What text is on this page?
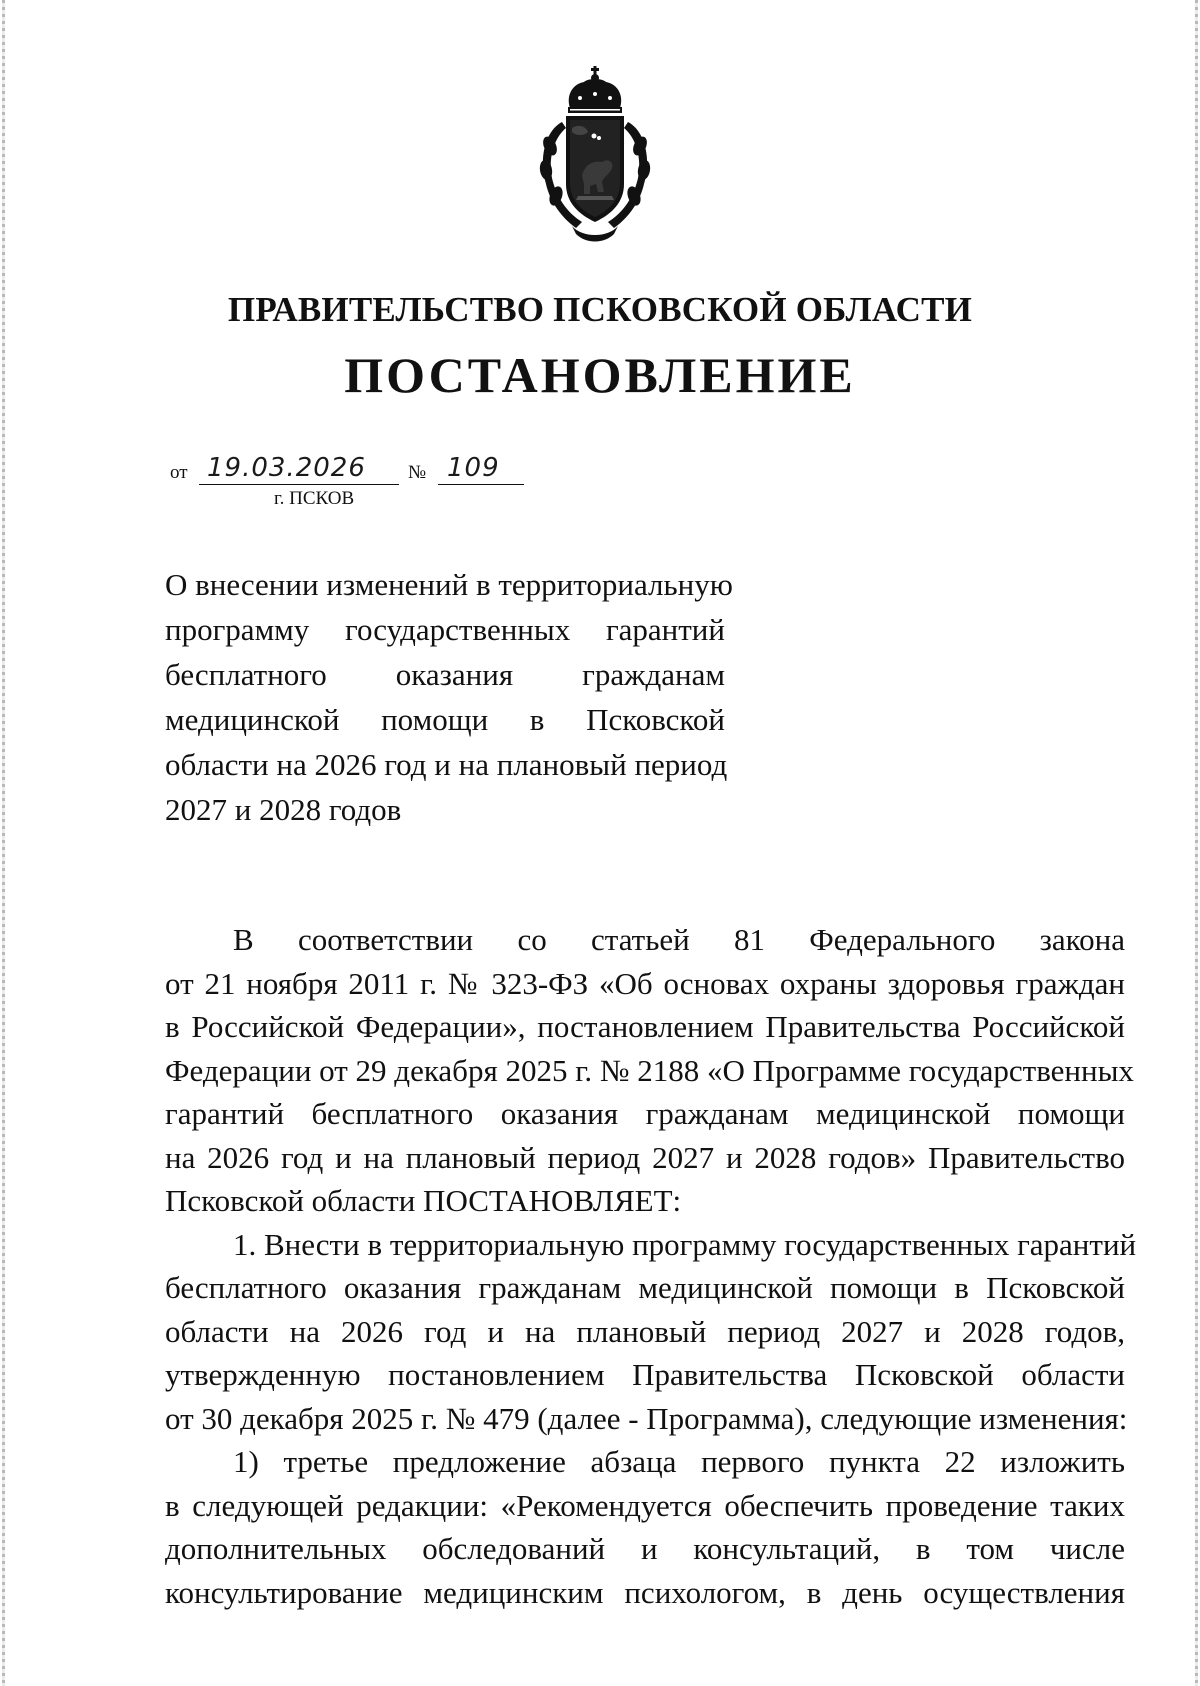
ПРАВИТЕЛЬСТВО ПСКОВСКОЙ ОБЛАСТИ
ПОСТАНОВЛЕНИЕ
от 19.03.2026 № 109
г. ПСКОВ
О внесении изменений в территориальную
программу государственных гарантий
бесплатного оказания гражданам
медицинской помощи в Псковской
области на 2026 год и на плановый период
2027 и 2028 годов
В соответствии со статьей 81 Федерального закона
от 21 ноября 2011 г. № 323-ФЗ «Об основах охраны здоровья граждан
в Российской Федерации», постановлением Правительства Российской
Федерации от 29 декабря 2025 г. № 2188 «О Программе государственных
гарантий бесплатного оказания гражданам медицинской помощи
на 2026 год и на плановый период 2027 и 2028 годов» Правительство
Псковской области ПОСТАНОВЛЯЕТ:
1. Внести в территориальную программу государственных гарантий
бесплатного оказания гражданам медицинской помощи в Псковской
области на 2026 год и на плановый период 2027 и 2028 годов,
утвержденную постановлением Правительства Псковской области
от 30 декабря 2025 г. № 479 (далее - Программа), следующие изменения:
1) третье предложение абзаца первого пункта 22 изложить
в следующей редакции: «Рекомендуется обеспечить проведение таких
дополнительных обследований и консультаций, в том числе
консультирование медицинским психологом, в день осуществления
